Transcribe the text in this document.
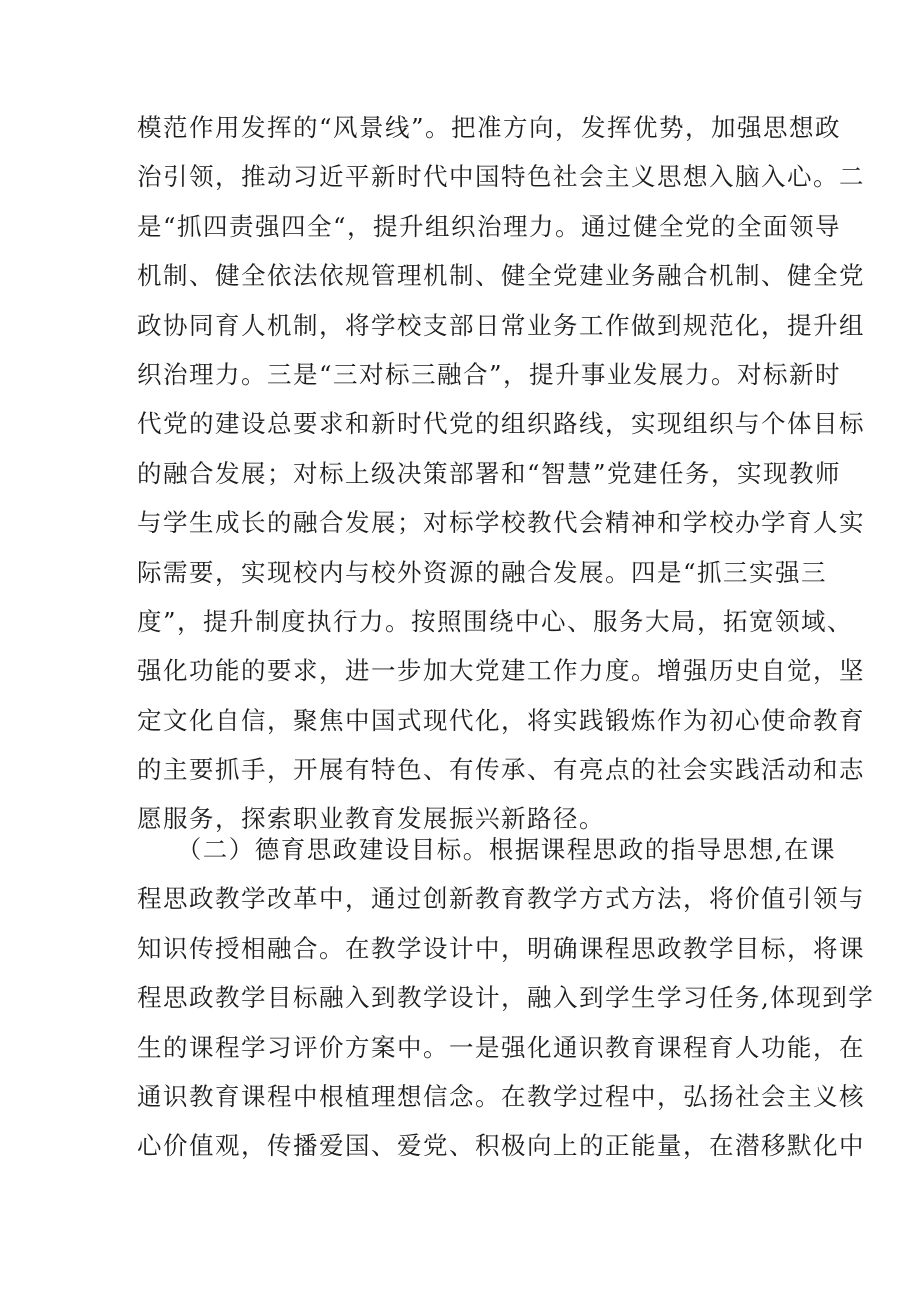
模范作用发挥的“风景线”。把准方向，发挥优势，加强思想政
治引领，推动习近平新时代中国特色社会主义思想入脑入心。二
是“抓四责强四全“，提升组织治理力。通过健全党的全面领导
机制、健全依法依规管理机制、健全党建业务融合机制、健全党
政协同育人机制，将学校支部日常业务工作做到规范化，提升组
织治理力。三是“三对标三融合”，提升事业发展力。对标新时
代党的建设总要求和新时代党的组织路线，实现组织与个体目标
的融合发展；对标上级决策部署和“智慧”党建任务，实现教师
与学生成长的融合发展；对标学校教代会精神和学校办学育人实
际需要，实现校内与校外资源的融合发展。四是“抓三实强三
度”，提升制度执行力。按照围绕中心、服务大局，拓宽领域、
强化功能的要求，进一步加大党建工作力度。增强历史自觉，坚
定文化自信，聚焦中国式现代化，将实践锻炼作为初心使命教育
的主要抓手，开展有特色、有传承、有亮点的社会实践活动和志
愿服务，探索职业教育发展振兴新路径。
　　（二）德育思政建设目标。根据课程思政的指导思想,在课
程思政教学改革中，通过创新教育教学方式方法，将价值引领与
知识传授相融合。在教学设计中，明确课程思政教学目标，将课
程思政教学目标融入到教学设计，融入到学生学习任务,体现到学
生的课程学习评价方案中。一是强化通识教育课程育人功能，在
通识教育课程中根植理想信念。在教学过程中，弘扬社会主义核
心价值观，传播爱国、爱党、积极向上的正能量，在潜移默化中
